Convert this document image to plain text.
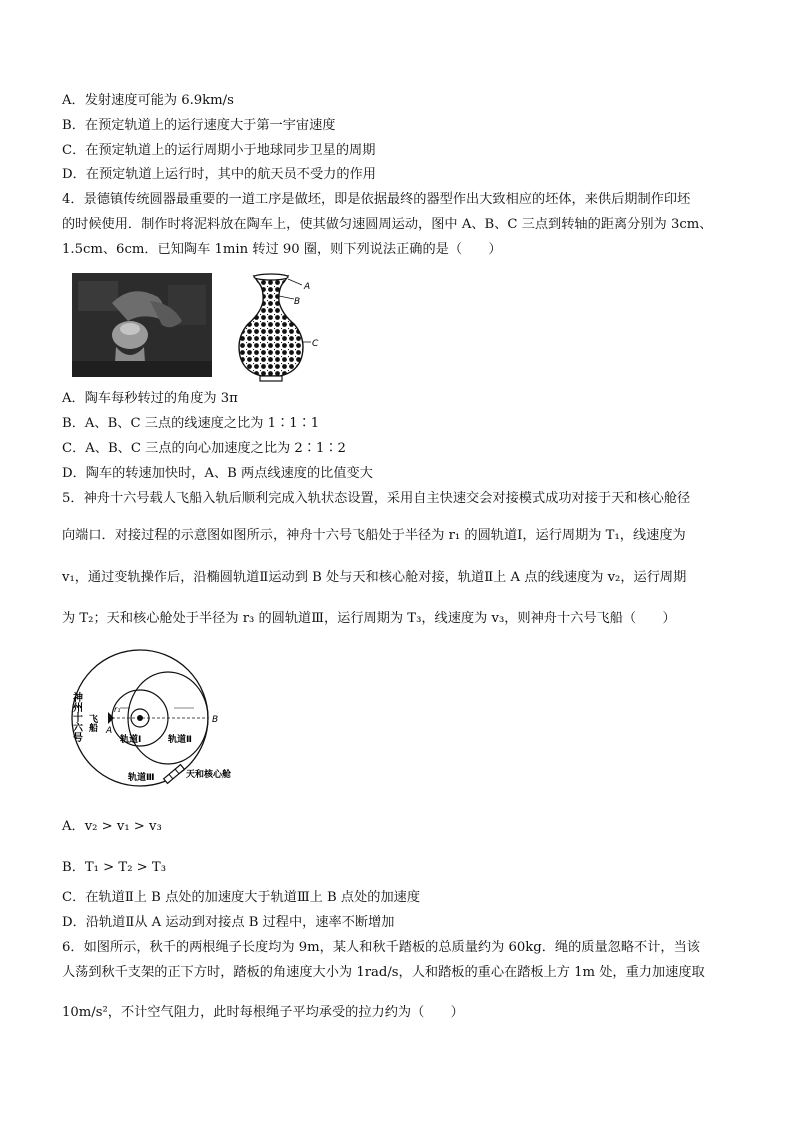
A．发射速度可能为 6.9km/s
B．在预定轨道上的运行速度大于第一宇宙速度
C．在预定轨道上的运行周期小于地球同步卫星的周期
D．在预定轨道上运行时，其中的航天员不受力的作用
4．景德镇传统圆器最重要的一道工序是做坯，即是依据最终的器型作出大致相应的坯体，来供后期制作印坯
的时候使用．制作时将泥料放在陶车上，使其做匀速圆周运动，图中 A、B、C 三点到转轴的距离分别为 3cm、
1.5cm、6cm．已知陶车 1min 转过 90 圈，则下列说法正确的是（　　）
A
B
C
A．陶车每秒转过的角度为 3π
B．A、B、C 三点的线速度之比为 1∶1∶1
C．A、B、C 三点的向心加速度之比为 2∶1∶2
D．陶车的转速加快时，A、B 两点线速度的比值变大
5．神舟十六号载人飞船入轨后顺利完成入轨状态设置，采用自主快速交会对接模式成功对接于天和核心舱径
向端口．对接过程的示意图如图所示，神舟十六号飞船处于半径为 r₁ 的圆轨道Ⅰ，运行周期为 T₁，线速度为
v₁，通过变轨操作后，沿椭圆轨道Ⅱ运动到 B 处与天和核心舱对接，轨道Ⅱ上 A 点的线速度为 v₂，运行周期
为 T₂；天和核心舱处于半径为 r₃ 的圆轨道Ⅲ，运行周期为 T₃，线速度为 v₃，则神舟十六号飞船（　　）
r₁
A
B
神州十六号 飞船
轨道Ⅰ	轨道Ⅱ
轨道Ⅲ	天和核心舱
A．v₂ > v₁ > v₃
B．T₁ > T₂ > T₃
C．在轨道Ⅱ上 B 点处的加速度大于轨道Ⅲ上 B 点处的加速度
D．沿轨道Ⅱ从 A 运动到对接点 B 过程中，速率不断增加
6．如图所示，秋千的两根绳子长度均为 9m，某人和秋千踏板的总质量约为 60kg．绳的质量忽略不计，当该
人荡到秋千支架的正下方时，踏板的角速度大小为 1rad/s，人和踏板的重心在踏板上方 1m 处，重力加速度取
10m/s²，不计空气阻力，此时每根绳子平均承受的拉力约为（　　）
